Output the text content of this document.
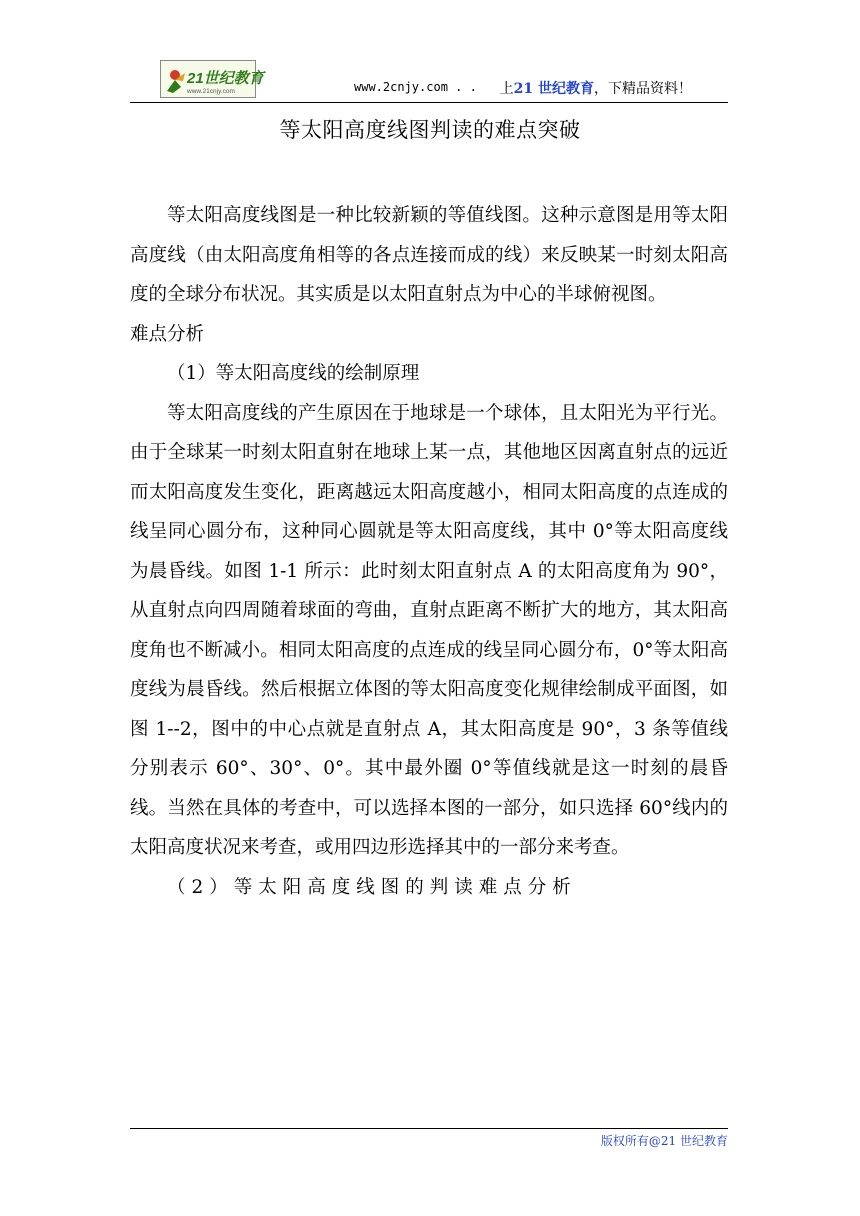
21世纪教育
www.21cnjy.com	www.2cnjy.com . . 上21 世纪教育，下精品资料！
等太阳高度线图判读的难点突破

等太阳高度线图是一种比较新颖的等值线图。这种示意图是用等太阳高度线（由太阳高度角相等的各点连接而成的线）来反映某一时刻太阳高度的全球分布状况。其实质是以太阳直射点为中心的半球俯视图。

难点分析

（1）等太阳高度线的绘制原理

等太阳高度线的产生原因在于地球是一个球体，且太阳光为平行光。由于全球某一时刻太阳直射在地球上某一点，其他地区因离直射点的远近而太阳高度发生变化，距离越远太阳高度越小，相同太阳高度的点连成的线呈同心圆分布，这种同心圆就是等太阳高度线，其中 0°等太阳高度线为晨昏线。如图 1-1 所示：此时刻太阳直射点 A 的太阳高度角为 90°，从直射点向四周随着球面的弯曲，直射点距离不断扩大的地方，其太阳高度角也不断减小。相同太阳高度的点连成的线呈同心圆分布，0°等太阳高度线为晨昏线。然后根据立体图的等太阳高度变化规律绘制成平面图，如图 1--2，图中的中心点就是直射点 A，其太阳高度是 90°，3 条等值线分别表示 60°、30°、0°。其中最外圈 0°等值线就是这一时刻的晨昏线。当然在具体的考查中，可以选择本图的一部分，如只选择 60°线内的太阳高度状况来考查，或用四边形选择其中的一部分来考查。

（2）等太阳高度线图的判读难点分析

版权所有@21 世纪教育
